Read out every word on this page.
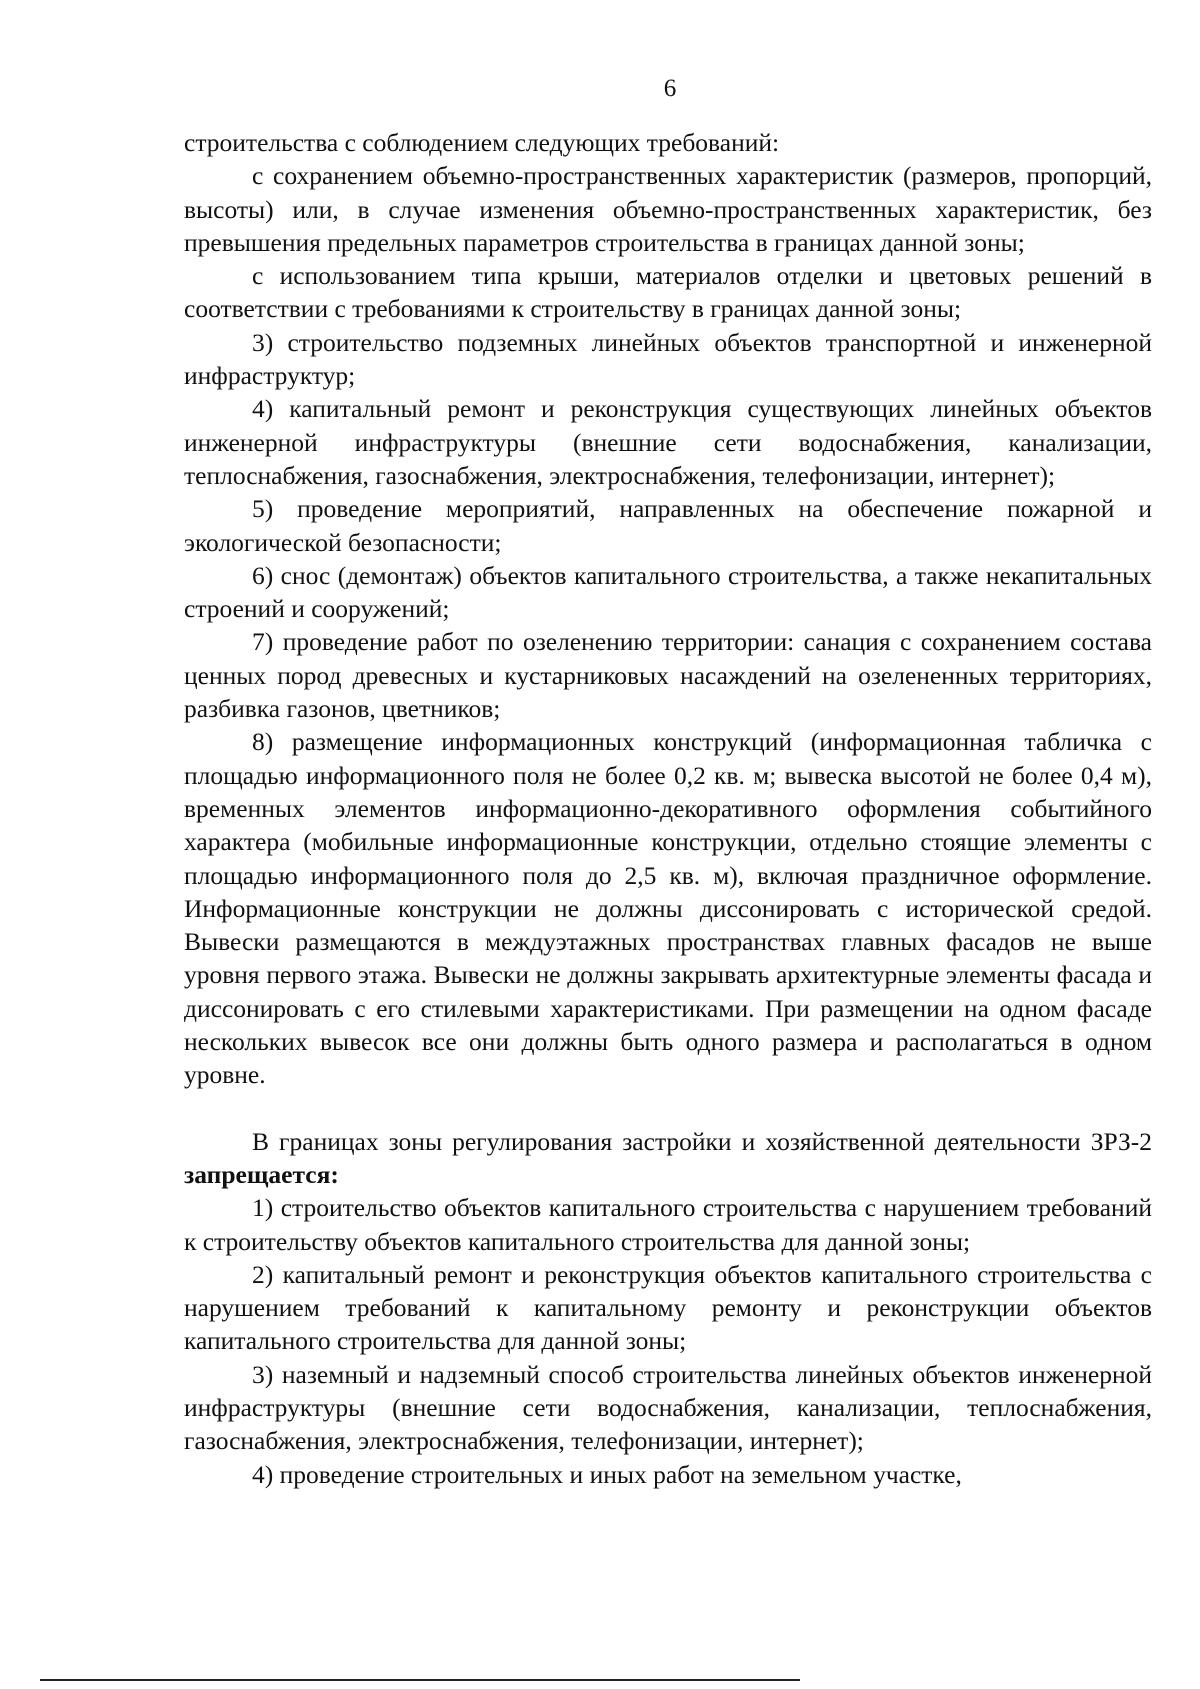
6

строительства с соблюдением следующих требований:

с сохранением объемно-пространственных характеристик (размеров, пропорций, высоты) или, в случае изменения объемно-пространственных характеристик, без превышения предельных параметров строительства в границах данной зоны;

с использованием типа крыши, материалов отделки и цветовых решений в соответствии с требованиями к строительству в границах данной зоны;

3) строительство подземных линейных объектов транспортной и инженерной инфраструктур;

4) капитальный ремонт и реконструкция существующих линейных объектов инженерной инфраструктуры (внешние сети водоснабжения, канализации, теплоснабжения, газоснабжения, электроснабжения, телефонизации, интернет);

5) проведение мероприятий, направленных на обеспечение пожарной и экологической безопасности;

6) снос (демонтаж) объектов капитального строительства, а также некапитальных строений и сооружений;

7) проведение работ по озеленению территории: санация с сохранением состава ценных пород древесных и кустарниковых насаждений на озелененных территориях, разбивка газонов, цветников;

8) размещение информационных конструкций (информационная табличка с площадью информационного поля не более 0,2 кв. м; вывеска высотой не более 0,4 м), временных элементов информационно-декоративного оформления событийного характера (мобильные информационные конструкции, отдельно стоящие элементы с площадью информационного поля до 2,5 кв. м), включая праздничное оформление. Информационные конструкции не должны диссонировать с исторической средой. Вывески размещаются в междуэтажных пространствах главных фасадов не выше уровня первого этажа. Вывески не должны закрывать архитектурные элементы фасада и диссонировать с его стилевыми характеристиками. При размещении на одном фасаде нескольких вывесок все они должны быть одного размера и располагаться в одном уровне.

В границах зоны регулирования застройки и хозяйственной деятельности ЗРЗ-2 запрещается:

1) строительство объектов капитального строительства с нарушением требований к строительству объектов капитального строительства для данной зоны;

2) капитальный ремонт и реконструкция объектов капитального строительства с нарушением требований к капитальному ремонту и реконструкции объектов капитального строительства для данной зоны;

3) наземный и надземный способ строительства линейных объектов инженерной инфраструктуры (внешние сети водоснабжения, канализации, теплоснабжения, газоснабжения, электроснабжения, телефонизации, интернет);

4) проведение строительных и иных работ на земельном участке,
